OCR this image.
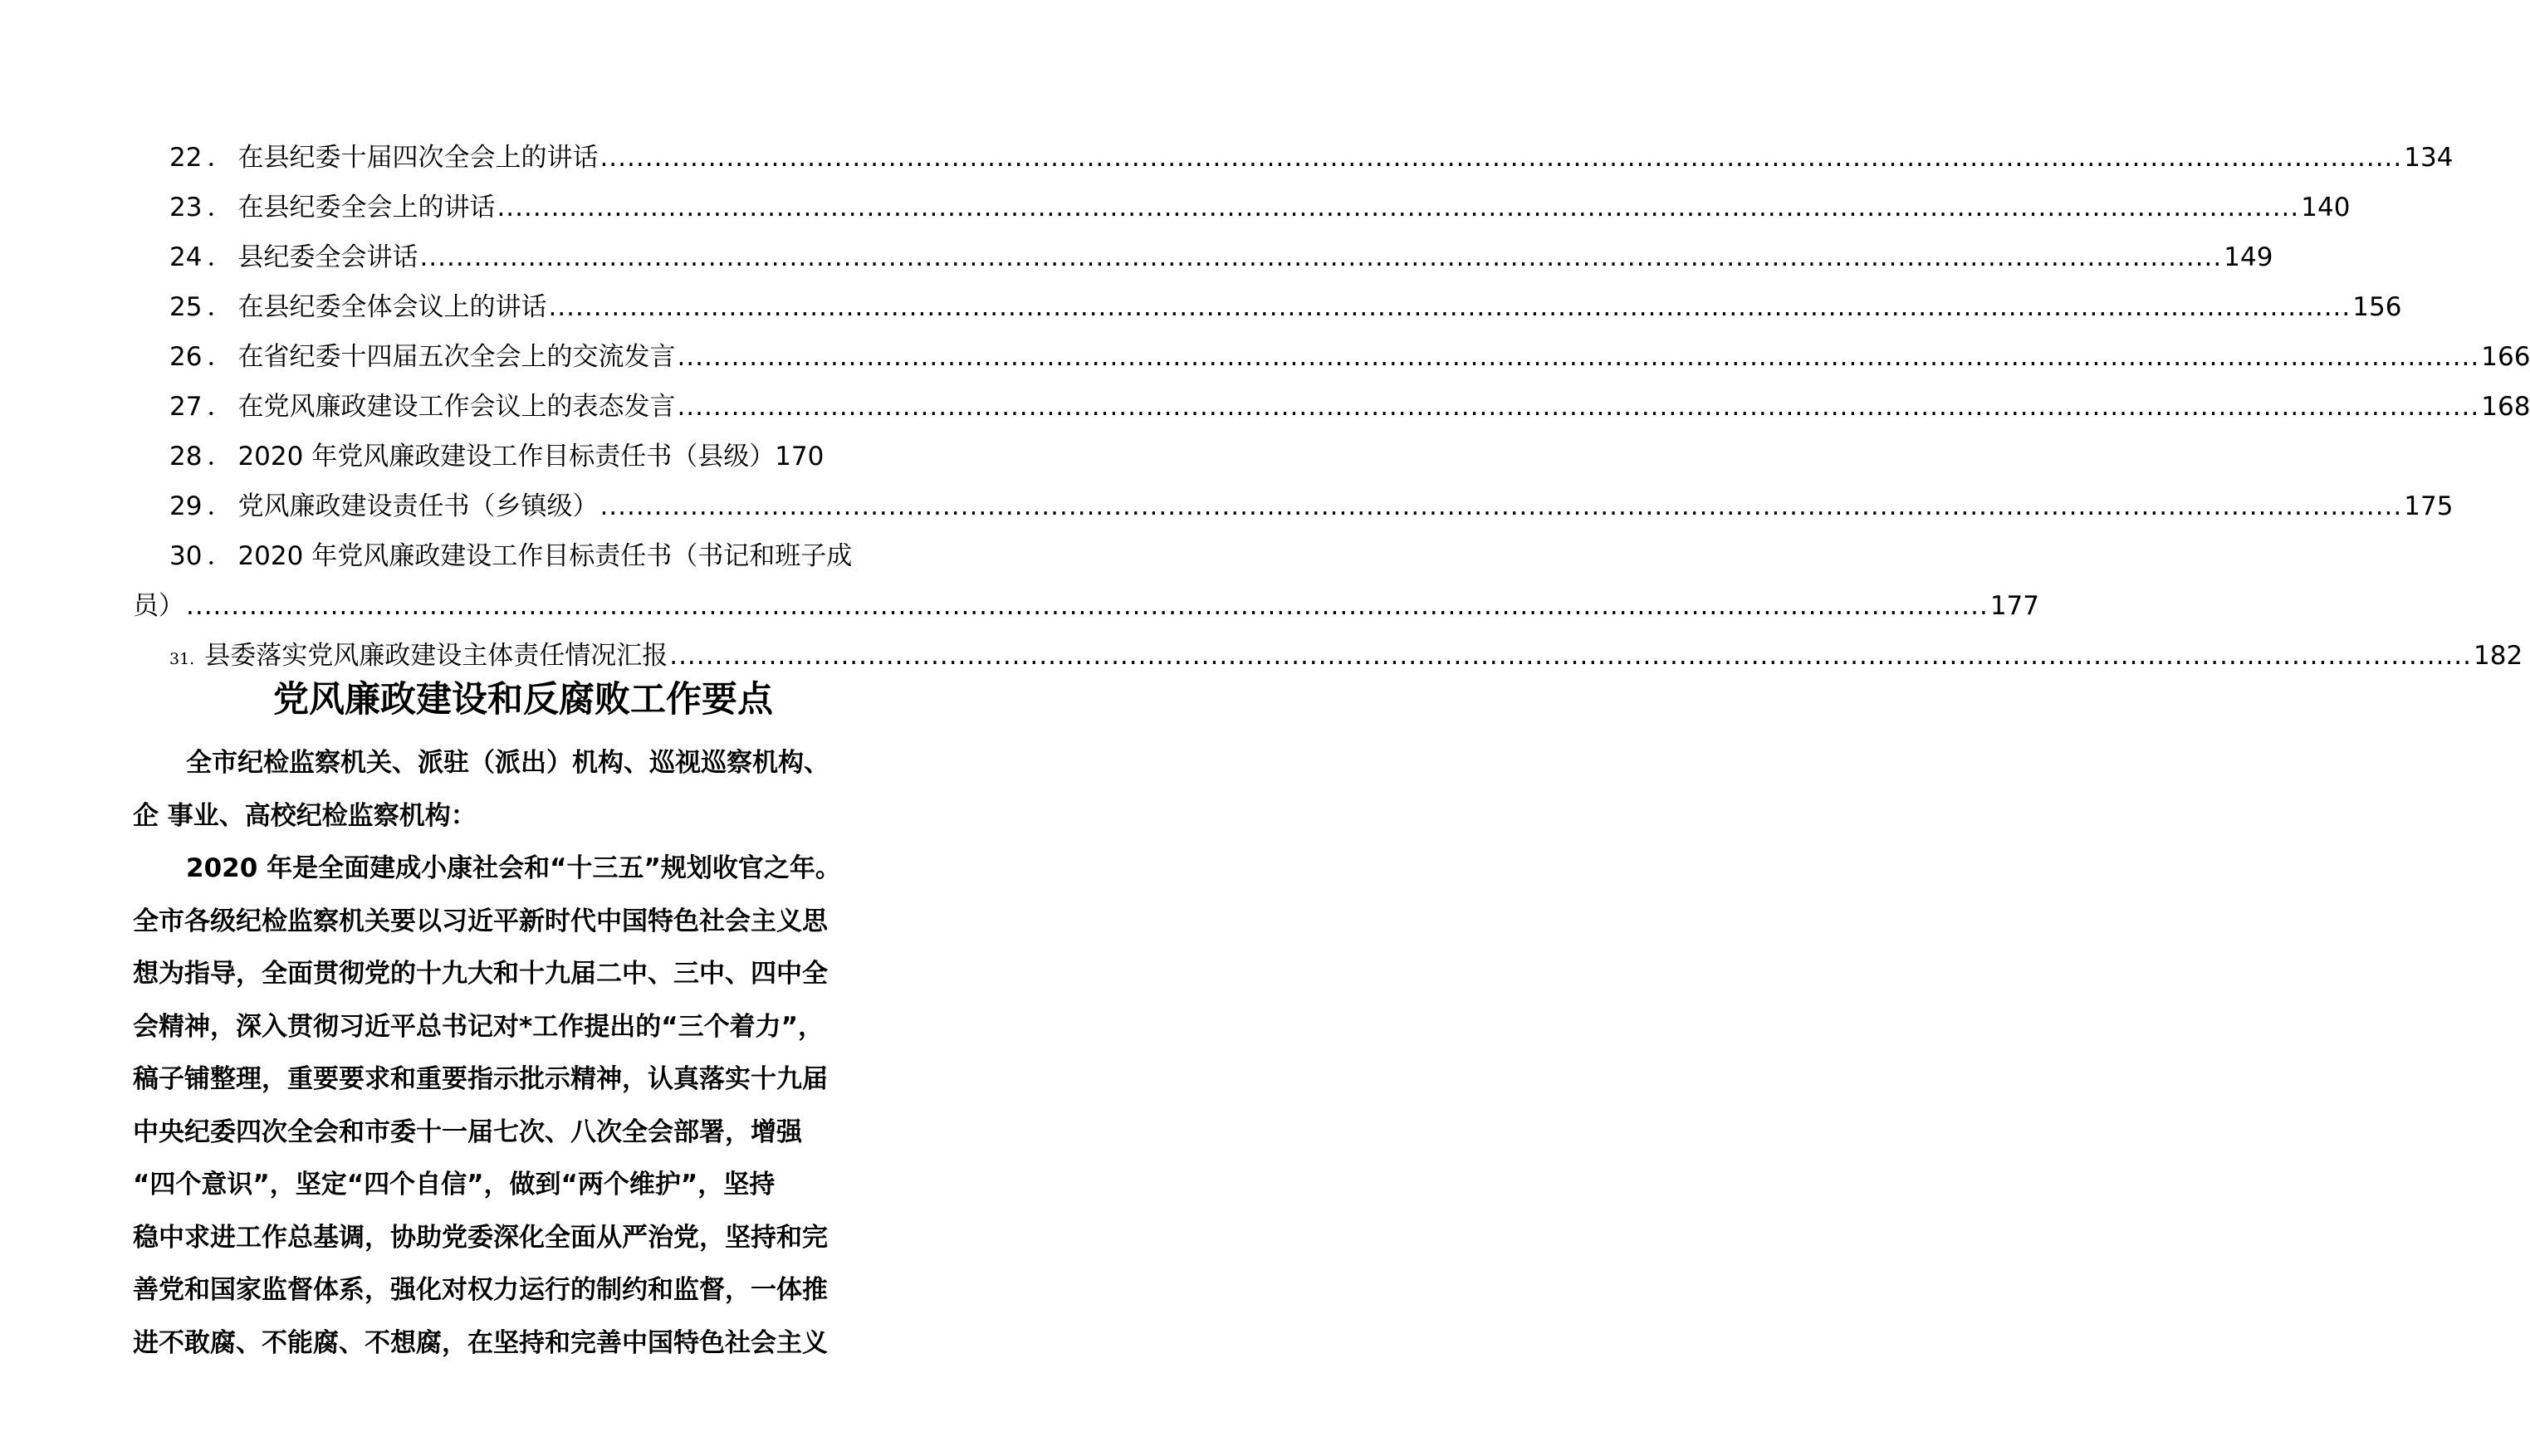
22 ． 在县纪委十届四次全会上的讲话 ........................................................................................................................................................................................................ 134
23 ． 在县纪委全会上的讲话 ........................................................................................................................................................................................................ 140
24 ． 县纪委全会讲话 ........................................................................................................................................................................................................ 149
25 ． 在县纪委全体会议上的讲话 ........................................................................................................................................................................................................ 156
26 ． 在省纪委十四届五次全会上的交流发言 ........................................................................................................................................................................................................ 166
27 ． 在党风廉政建设工作会议上的表态发言 ........................................................................................................................................................................................................ 168
28 ． 2020 年党风廉政建设工作目标责任书（县级） 170
29 ． 党风廉政建设责任书（乡镇级） ........................................................................................................................................................................................................ 175
30 ． 2020 年党风廉政建设工作目标责任书（书记和班子成
员） ........................................................................................................................................................................................................ 177
31. 县委落实党风廉政建设主体责任情况汇报 ........................................................................................................................................................................................................ 182
党风廉政建设和反腐败工作要点

全市纪检监察机关、派驻（派出）机构、巡视巡察机构、

企 事业、高校纪检监察机构：

2020 年是全面建成小康社会和“十三五”规划收官之年。

全市各级纪检监察机关要以习近平新时代中国特色社会主义思

想为指导，全面贯彻党的十九大和十九届二中、三中、四中全

会精神，深入贯彻习近平总书记对*工作提出的“三个着力”，

稿子铺整理，重要要求和重要指示批示精神，认真落实十九届

中央纪委四次全会和市委十一届七次、八次全会部署，增强

“四个意识”，坚定“四个自信”，做到“两个维护”，坚持

稳中求进工作总基调，协助党委深化全面从严治党，坚持和完

善党和国家监督体系，强化对权力运行的制约和监督，一体推

进不敢腐、不能腐、不想腐，在坚持和完善中国特色社会主义
